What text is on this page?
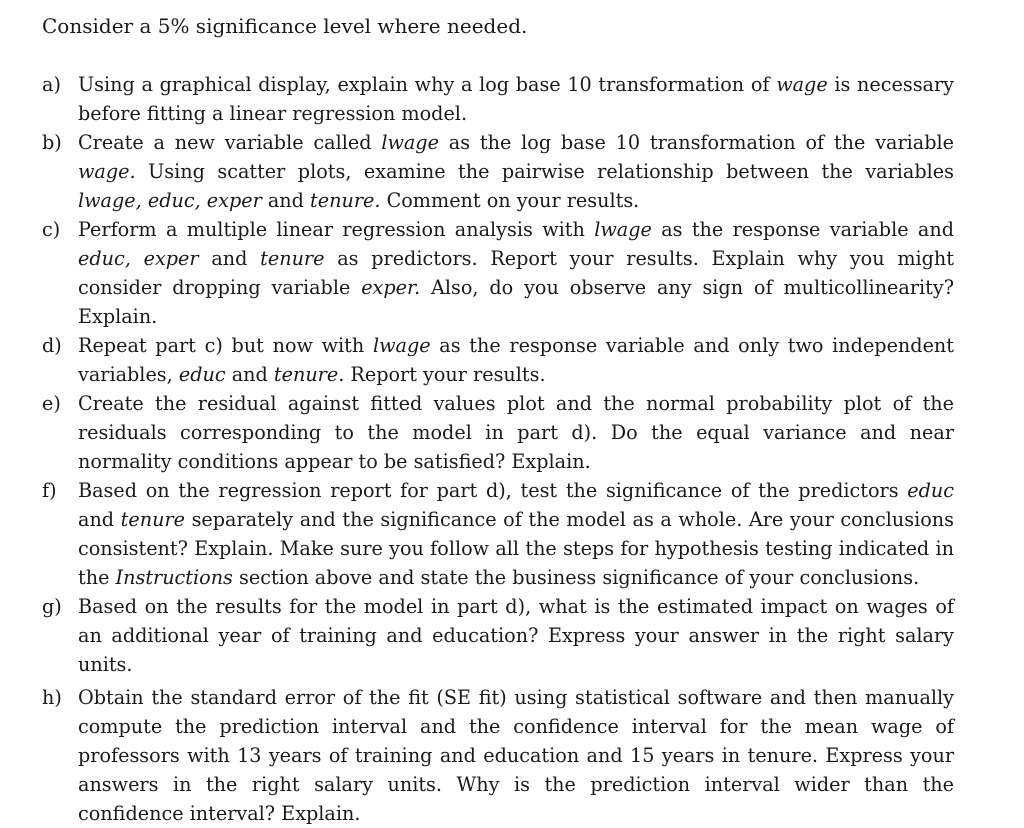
Consider a 5% significance level where needed.

a) Using a graphical display, explain why a log base 10 transformation of wage is necessary before fitting a linear regression model.
b) Create a new variable called lwage as the log base 10 transformation of the variable wage. Using scatter plots, examine the pairwise relationship between the variables lwage, educ, exper and tenure. Comment on your results.
c) Perform a multiple linear regression analysis with lwage as the response variable and educ, exper and tenure as predictors. Report your results. Explain why you might consider dropping variable exper. Also, do you observe any sign of multicollinearity? Explain.
d) Repeat part c) but now with lwage as the response variable and only two independent variables, educ and tenure. Report your results.
e) Create the residual against fitted values plot and the normal probability plot of the residuals corresponding to the model in part d). Do the equal variance and near normality conditions appear to be satisfied? Explain.
f)	Based on the regression report for part d), test the significance of the predictors educ and tenure separately and the significance of the model as a whole. Are your conclusions consistent? Explain. Make sure you follow all the steps for hypothesis testing indicated in the Instructions section above and state the business significance of your conclusions.
g) Based on the results for the model in part d), what is the estimated impact on wages of an additional year of training and education? Express your answer in the right salary units.
h) Obtain the standard error of the fit (SE fit) using statistical software and then manually compute the prediction interval and the confidence interval for the mean wage of professors with 13 years of training and education and 15 years in tenure. Express your answers in the right salary units. Why is the prediction interval wider than the confidence interval? Explain.
